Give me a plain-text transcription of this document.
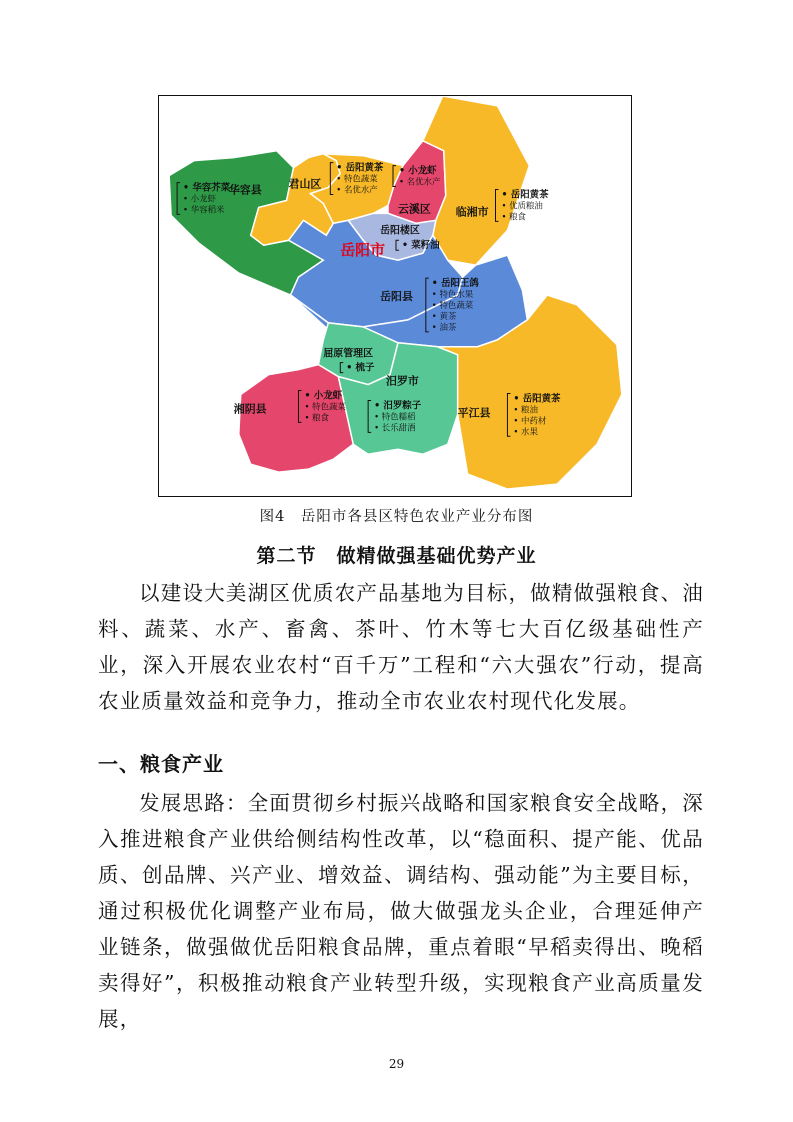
华容县
• 华容芥菜
• 小龙虾
• 华容稻米
君山区
• 岳阳黄茶
• 特色蔬菜
• 名优水产
云溪区
• 小龙虾
• 名优水产
临湘市
• 岳阳黄茶
• 优质粮油
• 粮食
岳阳楼区
• 菜籽油
岳阳市
岳阳县
• 岳阳王鸽
• 特色水果
• 特色蔬菜
• 黄茶
• 油茶
屈原管理区
• 梳子
汨罗市
• 汨罗粽子
• 特色糯稻
• 长乐甜酒
湘阴县
• 小龙虾
• 特色蔬菜
• 粮食	平江县
• 岳阳黄茶
• 粮油
• 中药材
• 水果
图4　岳阳市各县区特色农业产业分布图
第二节　做精做强基础优势产业
以建设大美湖区优质农产品基地为目标，做精做强粮食、油料、蔬菜、水产、畜禽、茶叶、竹木等七大百亿级基础性产业，深入开展农业农村“百千万”工程和“六大强农”行动，提高农业质量效益和竞争力，推动全市农业农村现代化发展。
一、粮食产业
发展思路：全面贯彻乡村振兴战略和国家粮食安全战略，深入推进粮食产业供给侧结构性改革，以“稳面积、提产能、优品质、创品牌、兴产业、增效益、调结构、强动能”为主要目标，通过积极优化调整产业布局，做大做强龙头企业，合理延伸产业链条，做强做优岳阳粮食品牌，重点着眼“早稻卖得出、晚稻卖得好”，积极推动粮食产业转型升级，实现粮食产业高质量发展，
29
